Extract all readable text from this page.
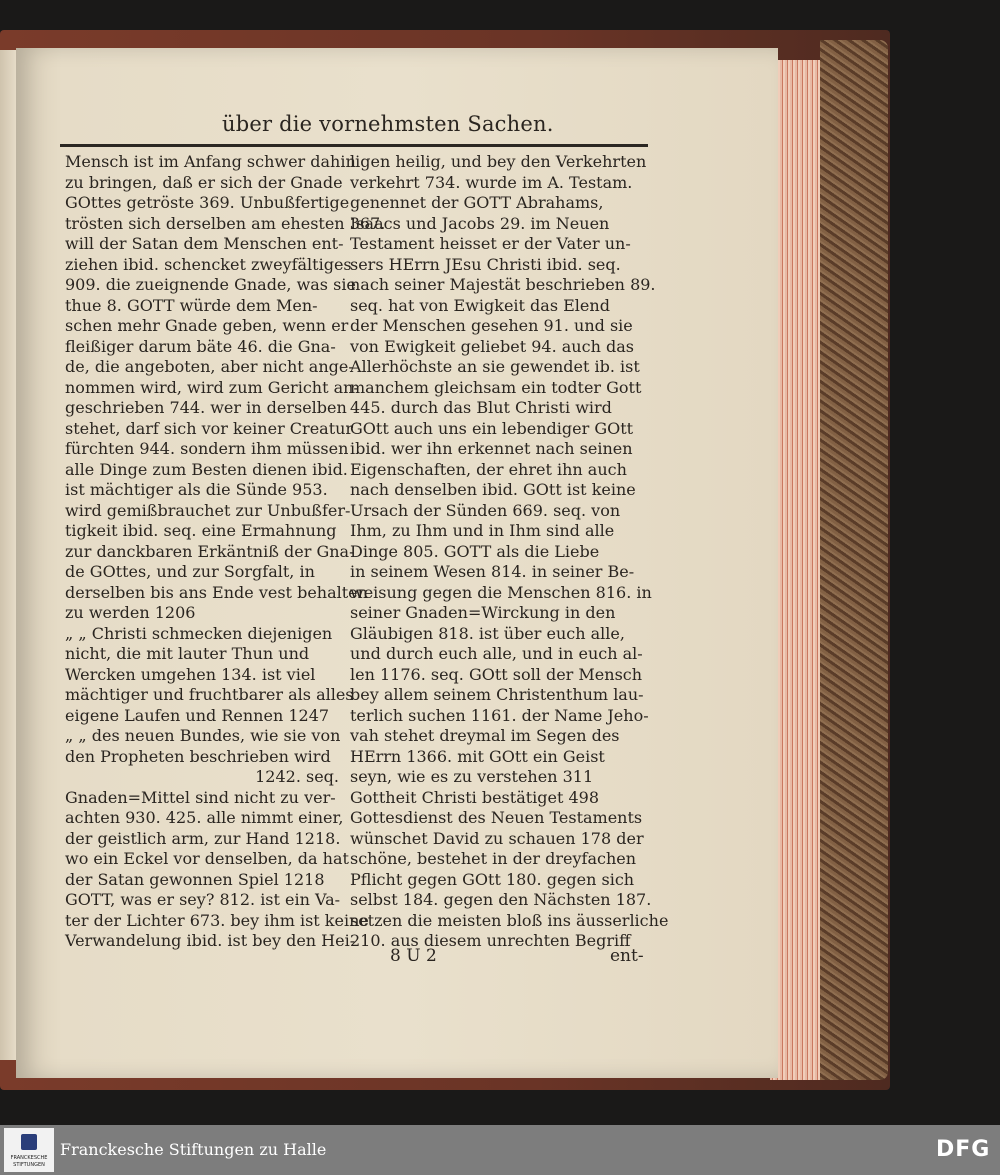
über die vornehmsten Sachen.
Mensch ist im Anfang schwer dahin
zu bringen, daß er sich der Gnade
GOttes getröste 369. Unbußfertige
trösten sich derselben am ehesten 367.
will der Satan dem Menschen ent-
ziehen ibid. schencket zweyfältiges
909. die zueignende Gnade, was sie
thue 8. GOTT würde dem Men-
schen mehr Gnade geben, wenn er
fleißiger darum bäte 46. die Gna-
de, die angeboten, aber nicht ange-
nommen wird, wird zum Gericht an-
geschrieben 744. wer in derselben
stehet, darf sich vor keiner Creatur
fürchten 944. sondern ihm müssen
alle Dinge zum Besten dienen ibid.
ist mächtiger als die Sünde 953.
wird gemißbrauchet zur Unbußfer-
tigkeit ibid. seq. eine Ermahnung
zur danckbaren Erkäntniß der Gna-
de GOttes, und zur Sorgfalt, in
derselben bis ans Ende vest behalten
zu werden 1206
„ „ Christi schmecken diejenigen
nicht, die mit lauter Thun und
Wercken umgehen 134. ist viel
mächtiger und fruchtbarer als alles
eigene Laufen und Rennen 1247
„ „ des neuen Bundes, wie sie von
den Propheten beschrieben wird
1242. seq.
Gnaden=Mittel sind nicht zu ver-
achten 930. 425. alle nimmt einer,
der geistlich arm, zur Hand 1218.
wo ein Eckel vor denselben, da hat
der Satan gewonnen Spiel 1218
GOTT, was er sey? 812. ist ein Va-
ter der Lichter 673. bey ihm ist keine
Verwandelung ibid. ist bey den Hei-
ligen heilig, und bey den Verkehrten
verkehrt 734. wurde im A. Testam.
genennet der GOTT Abrahams,
Isaacs und Jacobs 29. im Neuen
Testament heisset er der Vater un-
sers HErrn JEsu Christi ibid. seq.
nach seiner Majestät beschrieben 89.
seq. hat von Ewigkeit das Elend
der Menschen gesehen 91. und sie
von Ewigkeit geliebet 94. auch das
Allerhöchste an sie gewendet ib. ist
manchem gleichsam ein todter Gott
445. durch das Blut Christi wird
GOtt auch uns ein lebendiger GOtt
ibid. wer ihn erkennet nach seinen
Eigenschaften, der ehret ihn auch
nach denselben ibid. GOtt ist keine
Ursach der Sünden 669. seq. von
Ihm, zu Ihm und in Ihm sind alle
Dinge 805. GOTT als die Liebe
in seinem Wesen 814. in seiner Be-
weisung gegen die Menschen 816. in
seiner Gnaden=Wirckung in den
Gläubigen 818. ist über euch alle,
und durch euch alle, und in euch al-
len 1176. seq. GOtt soll der Mensch
bey allem seinem Christenthum lau-
terlich suchen 1161. der Name Jeho-
vah stehet dreymal im Segen des
HErrn 1366. mit GOtt ein Geist
seyn, wie es zu verstehen 311
Gottheit Christi bestätiget 498
Gottesdienst des Neuen Testaments
wünschet David zu schauen 178 der
schöne, bestehet in der dreyfachen
Pflicht gegen GOtt 180. gegen sich
selbst 184. gegen den Nächsten 187.
setzen die meisten bloß ins äusserliche
210. aus diesem unrechten Begriff
8 U 2	ent-
FRANCKESCHE
STIFTUNGEN
Franckesche Stiftungen zu Halle	DFG
